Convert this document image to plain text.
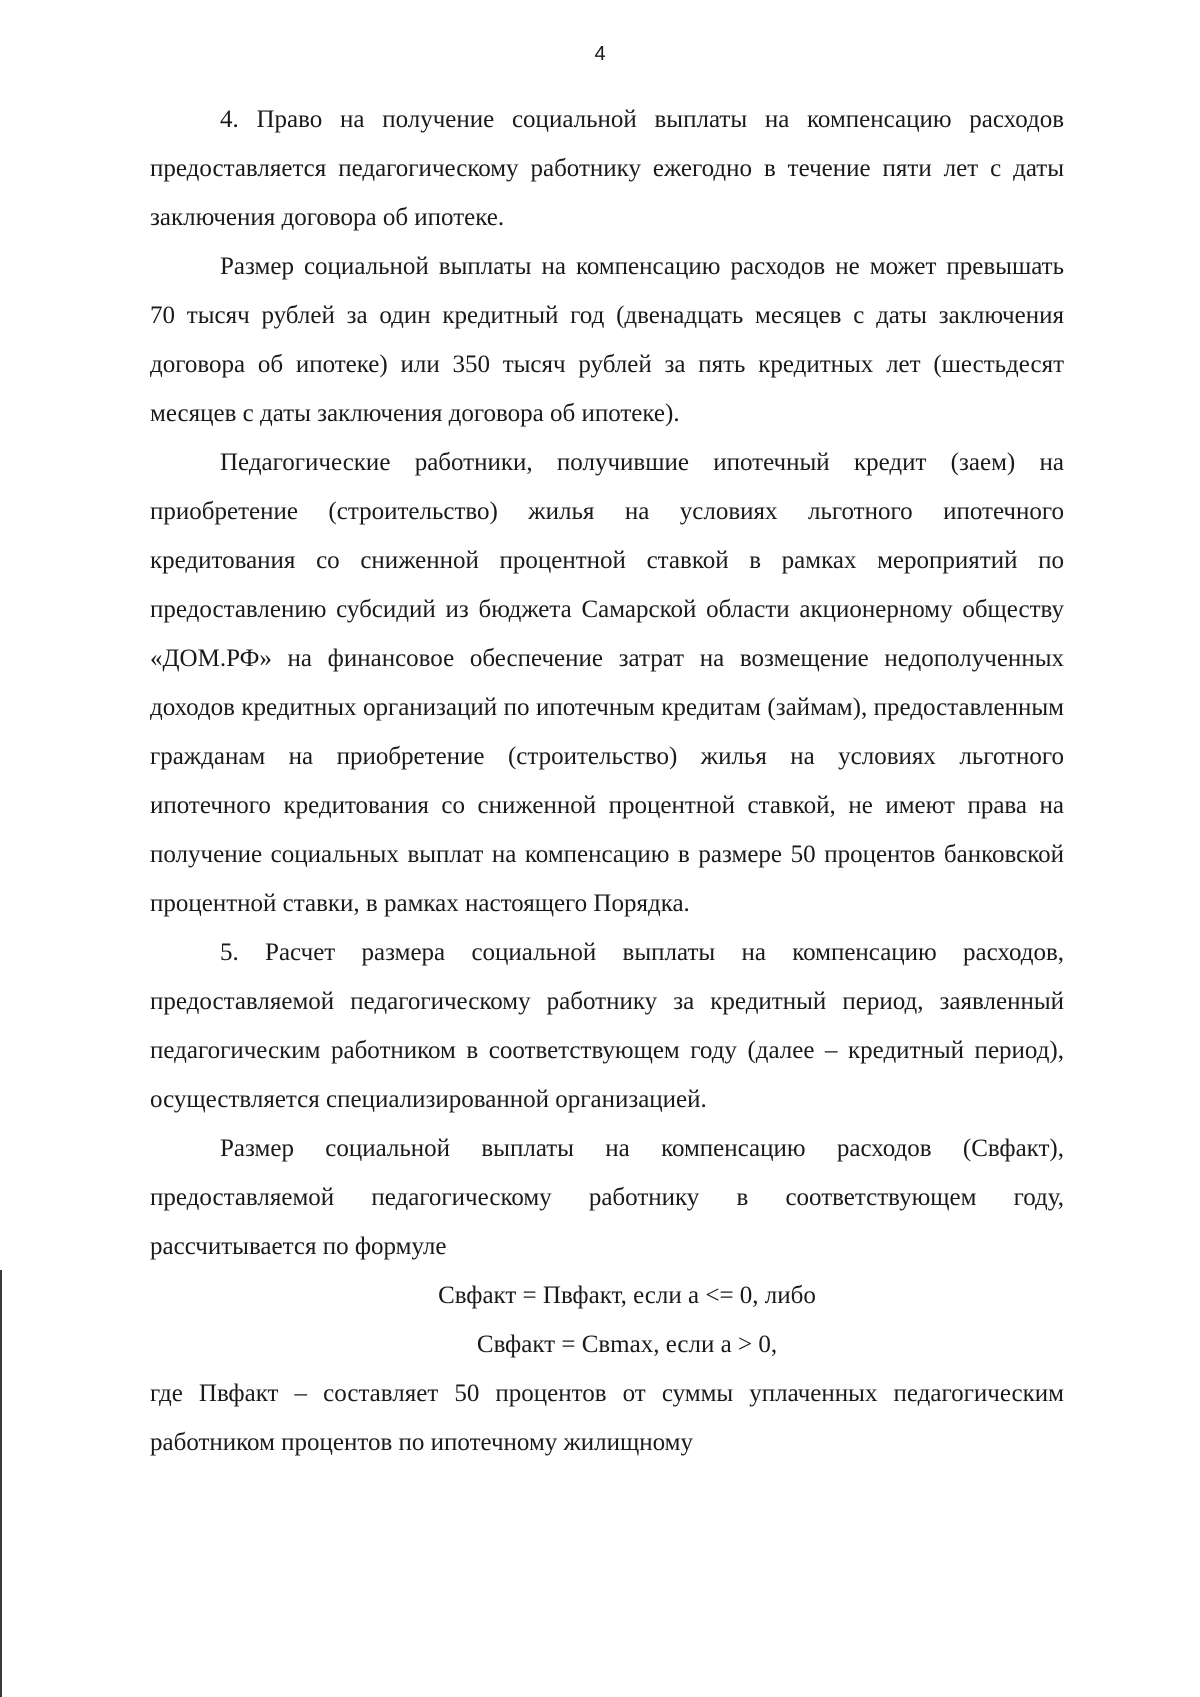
4

4. Право на получение социальной выплаты на компенсацию расходов предоставляется педагогическому работнику ежегодно в течение пяти лет с даты заключения договора об ипотеке.

Размер социальной выплаты на компенсацию расходов не может превышать 70 тысяч рублей за один кредитный год (двенадцать месяцев с даты заключения договора об ипотеке) или 350 тысяч рублей за пять кредитных лет (шестьдесят месяцев с даты заключения договора об ипотеке).

Педагогические работники, получившие ипотечный кредит (заем) на приобретение (строительство) жилья на условиях льготного ипотечного кредитования со сниженной процентной ставкой в рамках мероприятий по предоставлению субсидий из бюджета Самарской области акционерному обществу «ДОМ.РФ» на финансовое обеспечение затрат на возмещение недополученных доходов кредитных организаций по ипотечным кредитам (займам), предоставленным гражданам на приобретение (строительство) жилья на условиях льготного ипотечного кредитования со сниженной процентной ставкой, не имеют права на получение социальных выплат на компенсацию в размере 50 процентов банковской процентной ставки, в рамках настоящего Порядка.

5. Расчет размера социальной выплаты на компенсацию расходов, предоставляемой педагогическому работнику за кредитный период, заявленный педагогическим работником в соответствующем году (далее – кредитный период), осуществляется специализированной организацией.

Размер социальной выплаты на компенсацию расходов (Свфакт), предоставляемой педагогическому работнику в соответствующем году, рассчитывается по формуле

Свфакт = Пвфакт, если а <= 0, либо

Свфакт = Свmax, если а > 0,

где Пвфакт – составляет 50 процентов от суммы уплаченных педагогическим работником процентов по ипотечному жилищному
